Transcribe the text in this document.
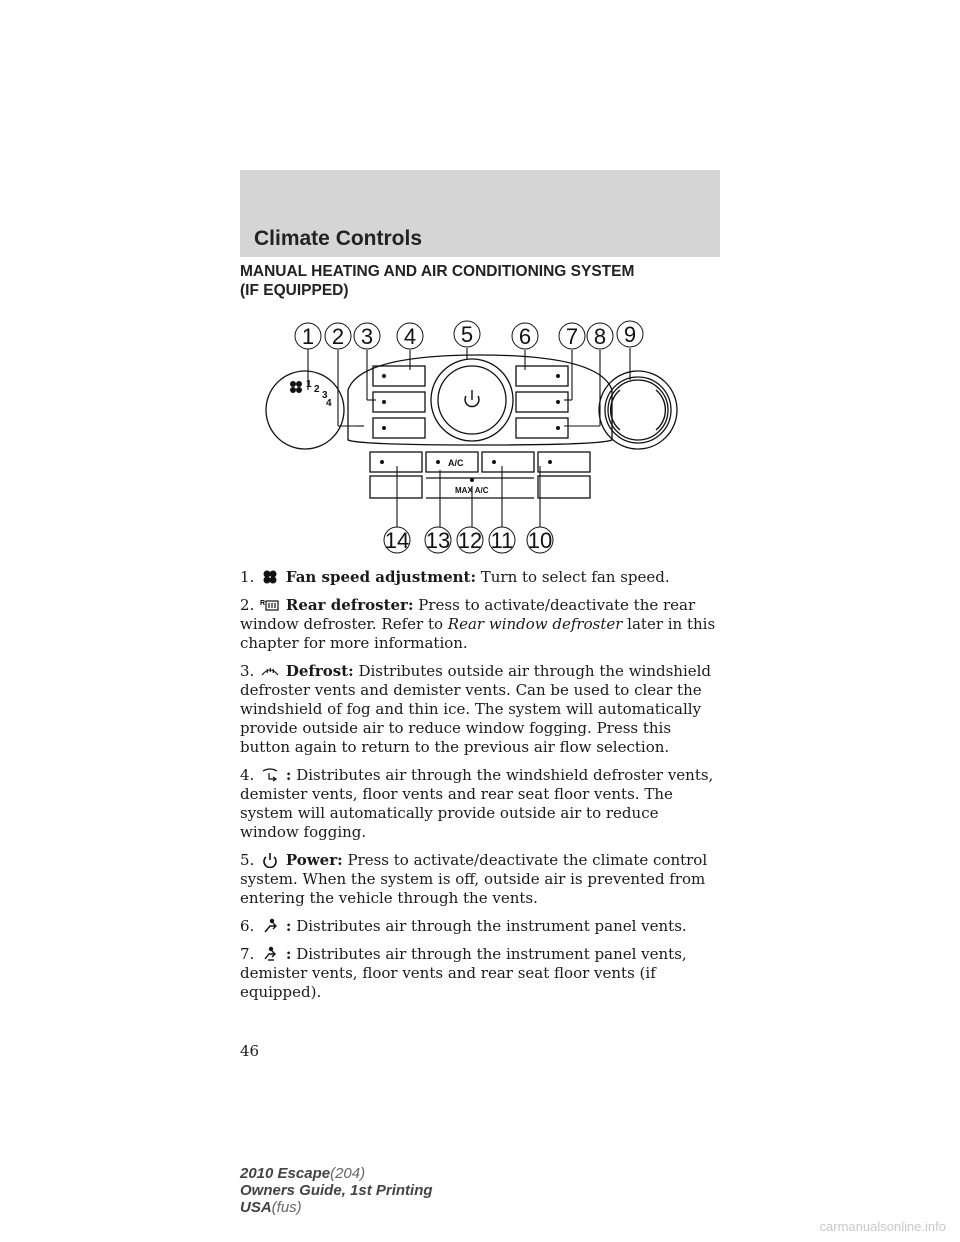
Climate Controls
MANUAL HEATING AND AIR CONDITIONING SYSTEM
(IF EQUIPPED)
1 2 3 4 5 6 7 8 9
14 13 12 11 10
1 2
3
4
A/C
MAX A/C
1. Fan speed adjustment: Turn to select fan speed.
2. R Rear defroster: Press to activate/deactivate the rear window defroster. Refer to Rear window defroster later in this chapter for more information.
3. Defrost: Distributes outside air through the windshield defroster vents and demister vents. Can be used to clear the windshield of fog and thin ice. The system will automatically provide outside air to reduce window fogging. Press this button again to return to the previous air flow selection.
4. : Distributes air through the windshield defroster vents, demister vents, floor vents and rear seat floor vents. The system will automatically provide outside air to reduce window fogging.
5. Power: Press to activate/deactivate the climate control system. When the system is off, outside air is prevented from entering the vehicle through the vents.
6. : Distributes air through the instrument panel vents.
7. : Distributes air through the instrument panel vents, demister vents, floor vents and rear seat floor vents (if equipped).
46
2010 Escape(204)
Owners Guide, 1st Printing
USA(fus)
carmanualsonline.info
